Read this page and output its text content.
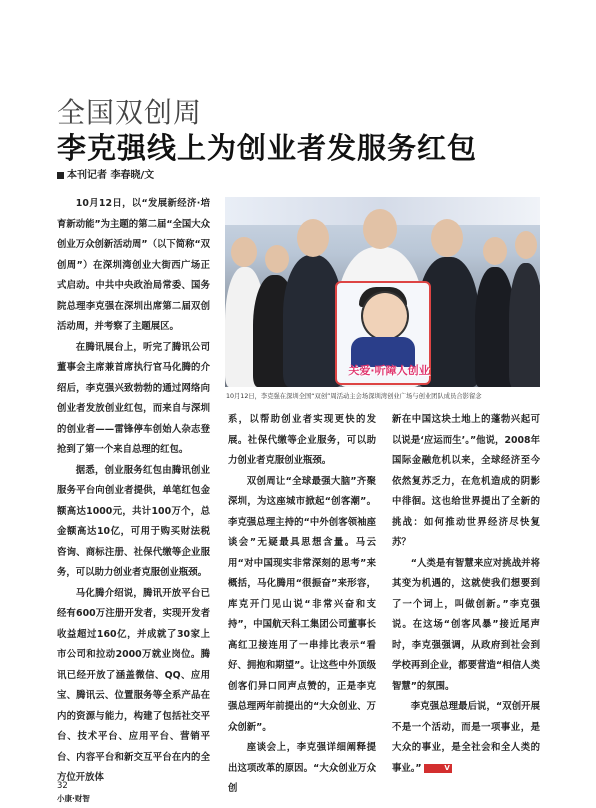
全国双创周
李克强线上为创业者发服务红包

本刊记者 李春晓/文

10月12日，以“发展新经济·培育新动能”为主题的第二届“全国大众创业万众创新活动周”（以下简称“双创周”）在深圳湾创业大街西广场正式启动。中共中央政治局常委、国务院总理李克强在深圳出席第二届双创活动周，并考察了主题展区。

在腾讯展台上，听完了腾讯公司董事会主席兼首席执行官马化腾的介绍后，李克强兴致勃勃的通过网络向创业者发放创业红包，而来自与深圳的创业者——雷锋停车创始人杂志登抢到了第一个来自总理的红包。

据悉，创业服务红包由腾讯创业服务平台向创业者提供，单笔红包金额高达1000元，共计100万个，总金额高达10亿，可用于购买财法税咨询、商标注册、社保代缴等企业服务，可以助力创业者克服创业瓶颈。

马化腾介绍说，腾讯开放平台已经有600万注册开发者，实现开发者收益超过160亿，并成就了30家上市公司和拉动2000万就业岗位。腾讯已经开放了涵盖微信、QQ、应用宝、腾讯云、位置服务等全系产品在内的资源与能力，构建了包括社交平台、技术平台、应用平台、营销平台、内容平台和新交互平台在内的全方位开放体

关爱·听障人创业

10月12日，李克强在深圳全国“双创”周活动主会场深圳湾创业广场与创业团队成员合影留念

系，以帮助创业者实现更快的发展。社保代缴等企业服务，可以助力创业者克服创业瓶颈。

双创周让“全球最强大脑”齐聚深圳，为这座城市掀起“创客潮”。李克强总理主持的“中外创客领袖座谈会”无疑最具思想含量。马云用“对中国现实非常深刻的思考”来概括，马化腾用“很振奋”来形容，库克开门见山说“非常兴奋和支持”，中国航天科工集团公司董事长高红卫接连用了一串排比表示“看好、拥抱和期望”。让这些中外顶级创客们异口同声点赞的，正是李克强总理两年前提出的“大众创业、万众创新”。

座谈会上，李克强详细阐释提出这项改革的原因。“大众创业万众创

新在中国这块土地上的蓬勃兴起可以说是‘应运而生’。”他说，2008年国际金融危机以来，全球经济至今依然复苏乏力，在危机造成的阴影中徘徊。这也给世界提出了全新的挑战：如何推动世界经济尽快复苏？

“人类是有智慧来应对挑战并将其变为机遇的，这就使我们想要到了一个词上，叫做创新。”李克强说。在这场“创客风暴”接近尾声时，李克强强调，从政府到社会到学校再到企业，都要营造“相信人类智慧”的氛围。

李克强总理最后说，“双创开展不是一个活动，而是一项事业，是大众的事业，是全社会和全人类的事业。”	V

32
小康·财智
